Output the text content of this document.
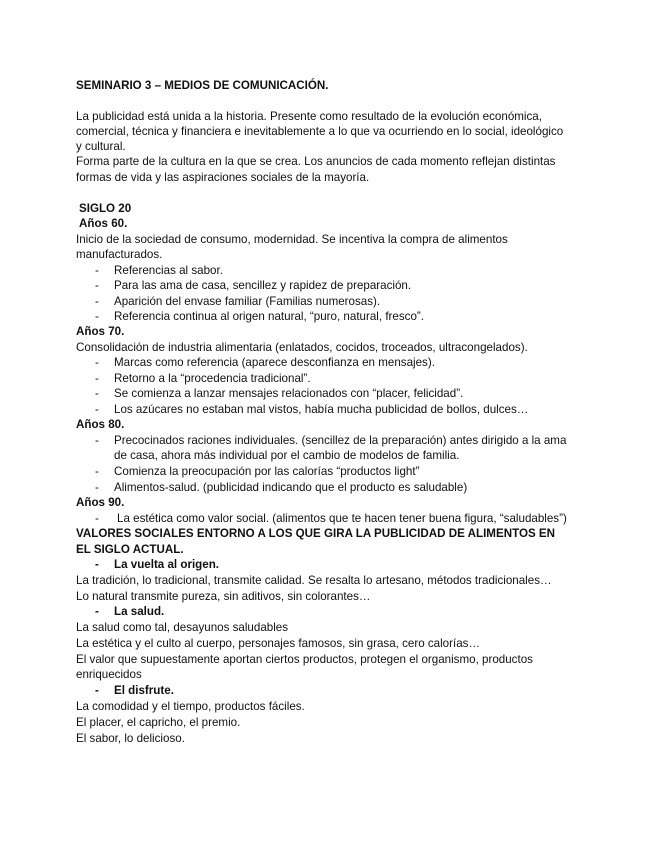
SEMINARIO 3 – MEDIOS DE COMUNICACIÓN.
La publicidad está unida a la historia. Presente como resultado de la evolución económica,
comercial, técnica y financiera e inevitablemente a lo que va ocurriendo en lo social, ideológico
y cultural.
Forma parte de la cultura en la que se crea. Los anuncios de cada momento reflejan distintas
formas de vida y las aspiraciones sociales de la mayoría.
SIGLO 20
Años 60.
Inicio de la sociedad de consumo, modernidad. Se incentiva la compra de alimentos
manufacturados.
- Referencias al sabor.
- Para las ama de casa, sencillez y rapidez de preparación.
- Aparición del envase familiar (Familias numerosas).
- Referencia continua al origen natural, “puro, natural, fresco”.
Años 70.
Consolidación de industria alimentaria (enlatados, cocidos, troceados, ultracongelados).
- Marcas como referencia (aparece desconfianza en mensajes).
- Retorno a la “procedencia tradicional”.
- Se comienza a lanzar mensajes relacionados con “placer, felicidad”.
- Los azúcares no estaban mal vistos, había mucha publicidad de bollos, dulces…
Años 80.
- Precocinados raciones individuales. (sencillez de la preparación) antes dirigido a la ama
de casa, ahora más individual por el cambio de modelos de familia.
- Comienza la preocupación por las calorías “productos light”
- Alimentos-salud. (publicidad indicando que el producto es saludable)
Años 90.
- La estética como valor social. (alimentos que te hacen tener buena figura, “saludables”)
VALORES SOCIALES ENTORNO A LOS QUE GIRA LA PUBLICIDAD DE ALIMENTOS EN
EL SIGLO ACTUAL.
- La vuelta al origen.
La tradición, lo tradicional, transmite calidad. Se resalta lo artesano, métodos tradicionales…
Lo natural transmite pureza, sin aditivos, sin colorantes…
- La salud.
La salud como tal, desayunos saludables
La estética y el culto al cuerpo, personajes famosos, sin grasa, cero calorías…
El valor que supuestamente aportan ciertos productos, protegen el organismo, productos
enriquecidos
- El disfrute.
La comodidad y el tiempo, productos fáciles.
El placer, el capricho, el premio.
El sabor, lo delicioso.
